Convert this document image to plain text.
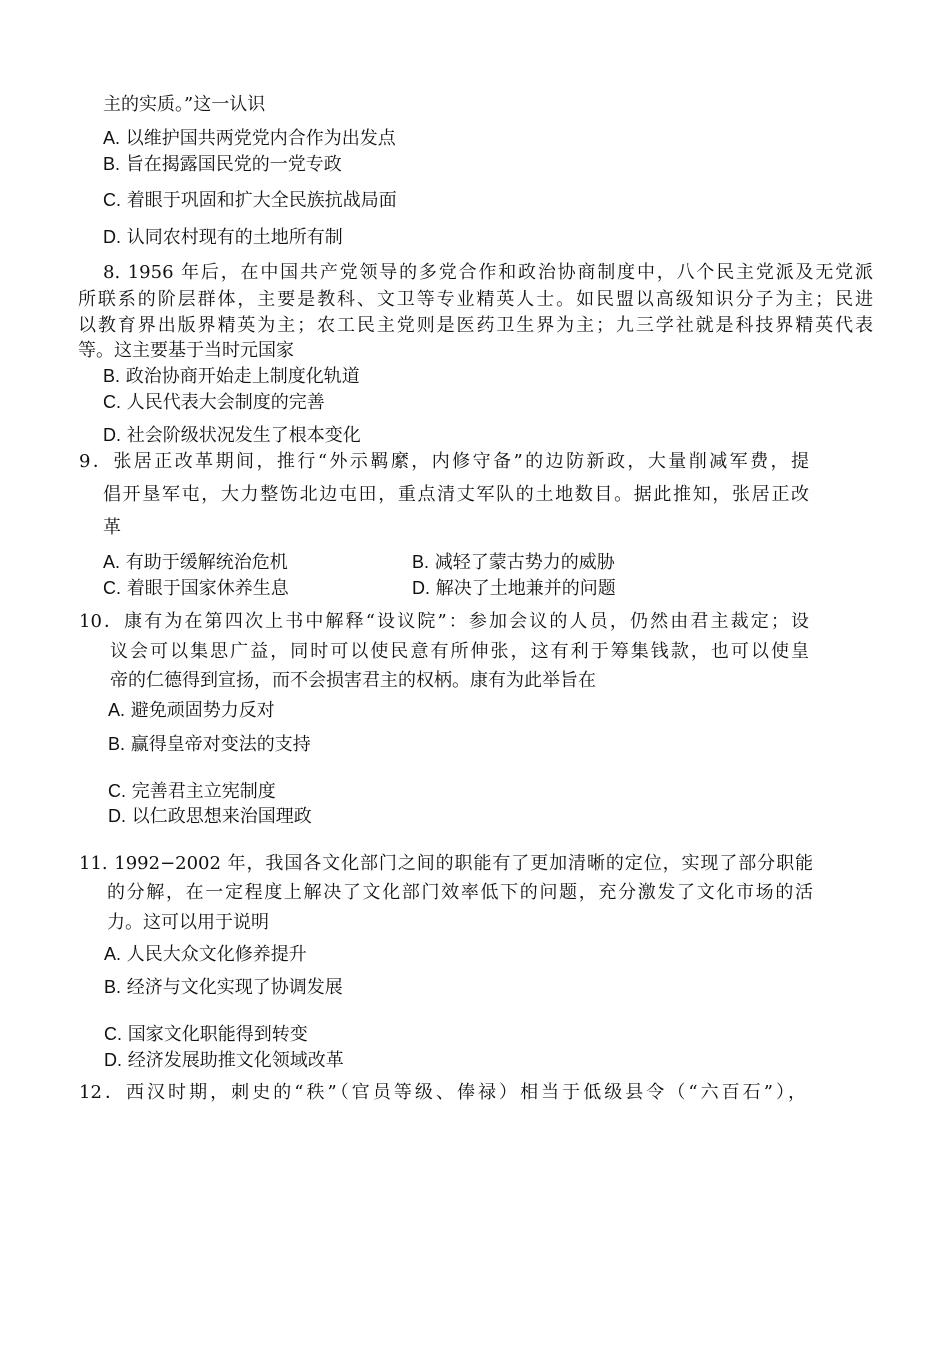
主的实质。”这一认识
A. 以维护国共两党党内合作为出发点
B. 旨在揭露国民党的一党专政
C. 着眼于巩固和扩大全民族抗战局面
D. 认同农村现有的土地所有制
8. 1956 年后，在中国共产党领导的多党合作和政治协商制度中，八个民主党派及无党派
所联系的阶层群体，主要是教科、文卫等专业精英人士。如民盟以高级知识分子为主；民进
以教育界出版界精英为主；农工民主党则是医药卫生界为主；九三学社就是科技界精英代表
等。这主要基于当时元国家
B. 政治协商开始走上制度化轨道
C. 人民代表大会制度的完善
D. 社会阶级状况发生了根本变化
9．张居正改革期间，推行“外示羁縻，内修守备”的边防新政，大量削减军费，提
倡开垦军屯，大力整饬北边屯田，重点清丈军队的土地数目。据此推知，张居正改
革
A. 有助于缓解统治危机	B. 减轻了蒙古势力的威胁
C. 着眼于国家休养生息	D. 解决了土地兼并的问题
10．康有为在第四次上书中解释“设议院”：参加会议的人员，仍然由君主裁定；设
议会可以集思广益，同时可以使民意有所伸张，这有利于筹集钱款，也可以使皇
帝的仁德得到宣扬，而不会损害君主的权柄。康有为此举旨在
A. 避免顽固势力反对
B. 赢得皇帝对变法的支持
C. 完善君主立宪制度
D. 以仁政思想来治国理政
11. 1992−2002 年，我国各文化部门之间的职能有了更加清晰的定位，实现了部分职能
的分解，在一定程度上解决了文化部门效率低下的问题，充分激发了文化市场的活
力。这可以用于说明
A. 人民大众文化修养提升
B. 经济与文化实现了协调发展
C. 国家文化职能得到转变
D. 经济发展助推文化领域改革
12．西汉时期，刺史的“秩”（官员等级、俸禄）相当于低级县令（“六百石”），
